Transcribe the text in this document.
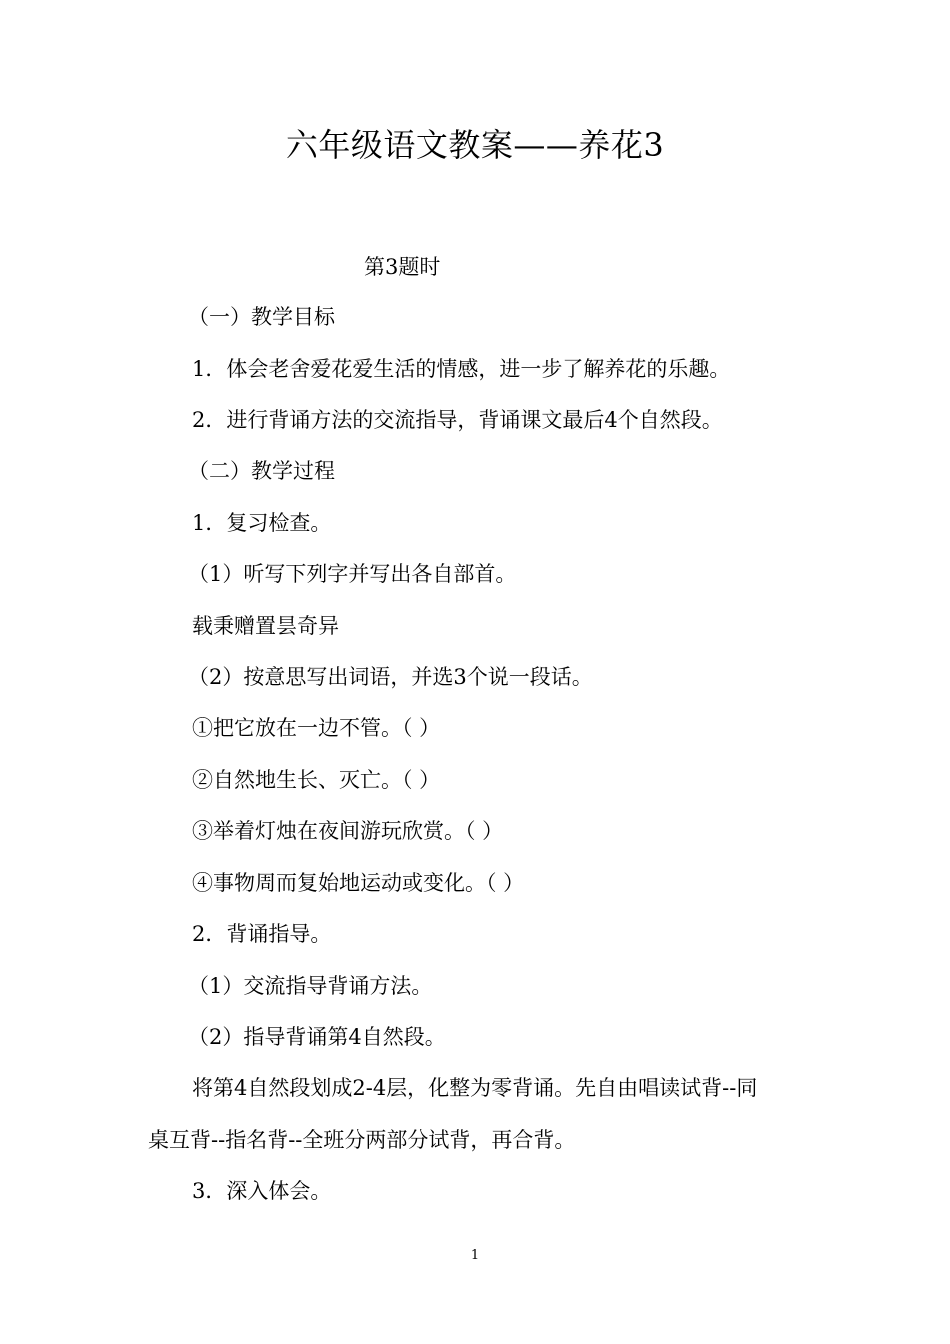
六年级语文教案——养花3
第3题时
（一）教学目标
1．体会老舍爱花爱生活的情感，进一步了解养花的乐趣。
2．进行背诵方法的交流指导，背诵课文最后4个自然段。
（二）教学过程
1．复习检查。
（1）听写下列字并写出各自部首。
载秉赠置昙奇异
（2）按意思写出词语，并选3个说一段话。
①把它放在一边不管。（ ）
②自然地生长、灭亡。（ ）
③举着灯烛在夜间游玩欣赏。（ ）
④事物周而复始地运动或变化。（ ）
2．背诵指导。
（1）交流指导背诵方法。
（2）指导背诵第4自然段。
将第4自然段划成2-4层，化整为零背诵。先自由唱读试背--同
桌互背--指名背--全班分两部分试背，再合背。
3．深入体会。
1
